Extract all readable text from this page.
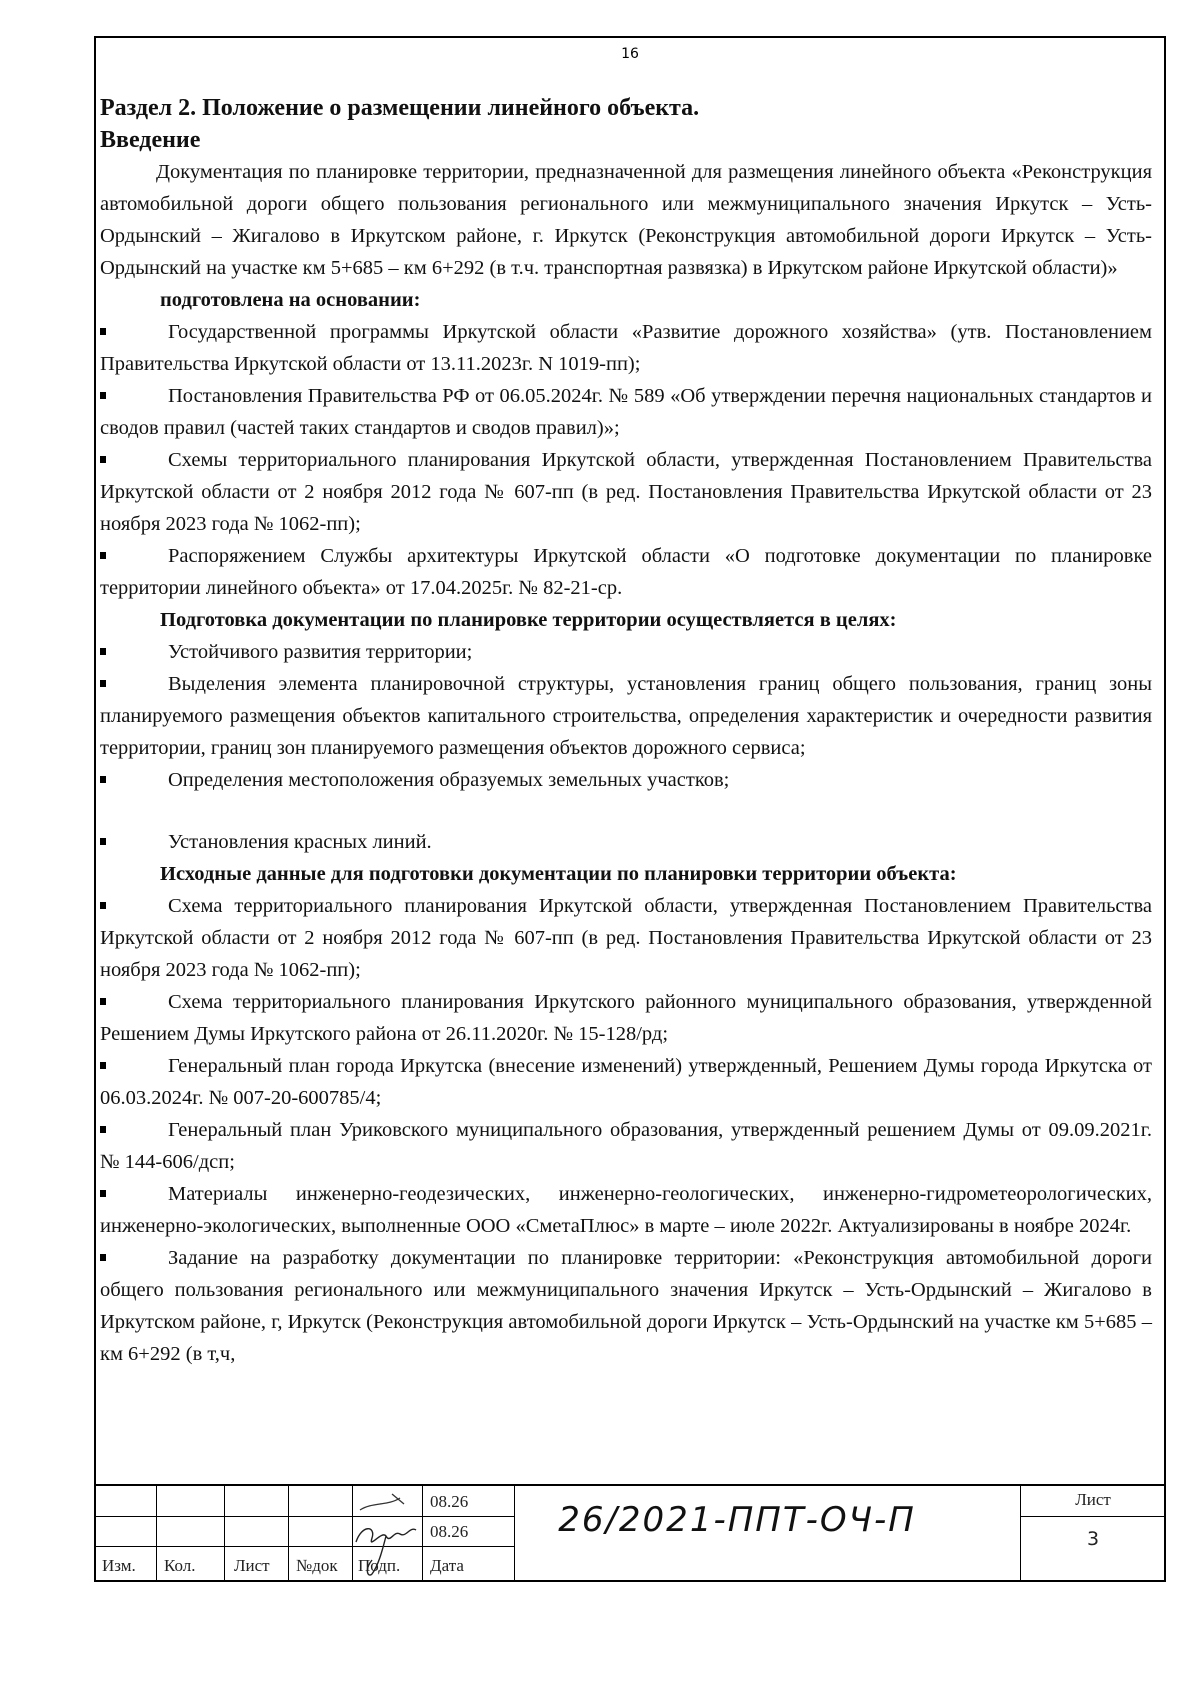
16
Раздел 2. Положение о размещении линейного объекта.
Введение
Документация по планировке территории, предназначенной для размещения линейного объекта «Реконструкция автомобильной дороги общего пользования регионального или межмуниципального значения Иркутск – Усть-Ордынский – Жигалово в Иркутском районе, г. Иркутск (Реконструкция автомобильной дороги Иркутск – Усть-Ордынский на участке км 5+685 – км 6+292 (в т.ч. транспортная развязка) в Иркутском районе Иркутской области)»
подготовлена на основании:
Государственной программы Иркутской области «Развитие дорожного хозяйства» (утв. Постановлением Правительства Иркутской области от 13.11.2023г. N 1019-пп);
Постановления Правительства РФ от 06.05.2024г. № 589 «Об утверждении перечня национальных стандартов и сводов правил (частей таких стандартов и сводов правил)»;
Схемы территориального планирования Иркутской области, утвержденная Постановлением Правительства Иркутской области от 2 ноября 2012 года № 607-пп (в ред. Постановления Правительства Иркутской области от 23 ноября 2023 года № 1062-пп);
Распоряжением Службы архитектуры Иркутской области «О подготовке документации по планировке территории линейного объекта» от 17.04.2025г. № 82-21-ср.
Подготовка документации по планировке территории осуществляется в целях:
Устойчивого развития территории;
Выделения элемента планировочной структуры, установления границ общего пользования, границ зоны планируемого размещения объектов капитального строительства, определения характеристик и очередности развития территории, границ зон планируемого размещения объектов дорожного сервиса;
Определения местоположения образуемых земельных участков;
Установления красных линий.
Исходные данные для подготовки документации по планировки территории объекта:
Схема территориального планирования Иркутской области, утвержденная Постановлением Правительства Иркутской области от 2 ноября 2012 года № 607-пп (в ред. Постановления Правительства Иркутской области от 23 ноября 2023 года № 1062-пп);
Схема территориального планирования Иркутского районного муниципального образования, утвержденной Решением Думы Иркутского района от 26.11.2020г. № 15-128/рд;
Генеральный план города Иркутска (внесение изменений) утвержденный, Решением Думы города Иркутска от 06.03.2024г. № 007-20-600785/4;
Генеральный план Уриковского муниципального образования, утвержденный решением Думы от 09.09.2021г. № 144-606/дсп;
Материалы инженерно-геодезических, инженерно-геологических, инженерно-гидрометеорологических, инженерно-экологических, выполненные ООО «СметаПлюс» в марте – июле 2022г. Актуализированы в ноябре 2024г.
Задание на разработку документации по планировке территории: «Реконструкция автомобильной дороги общего пользования регионального или межмуниципального значения Иркутск – Усть-Ордынский – Жигалово в Иркутском районе, г, Иркутск (Реконструкция автомобильной дороги Иркутск – Усть-Ордынский на участке км 5+685 – км 6+292 (в т,ч,
Изм. Кол. Лист №док Подп. Дата
08.26
08.26	26/2021-ППТ-ОЧ-П
Лист
3
